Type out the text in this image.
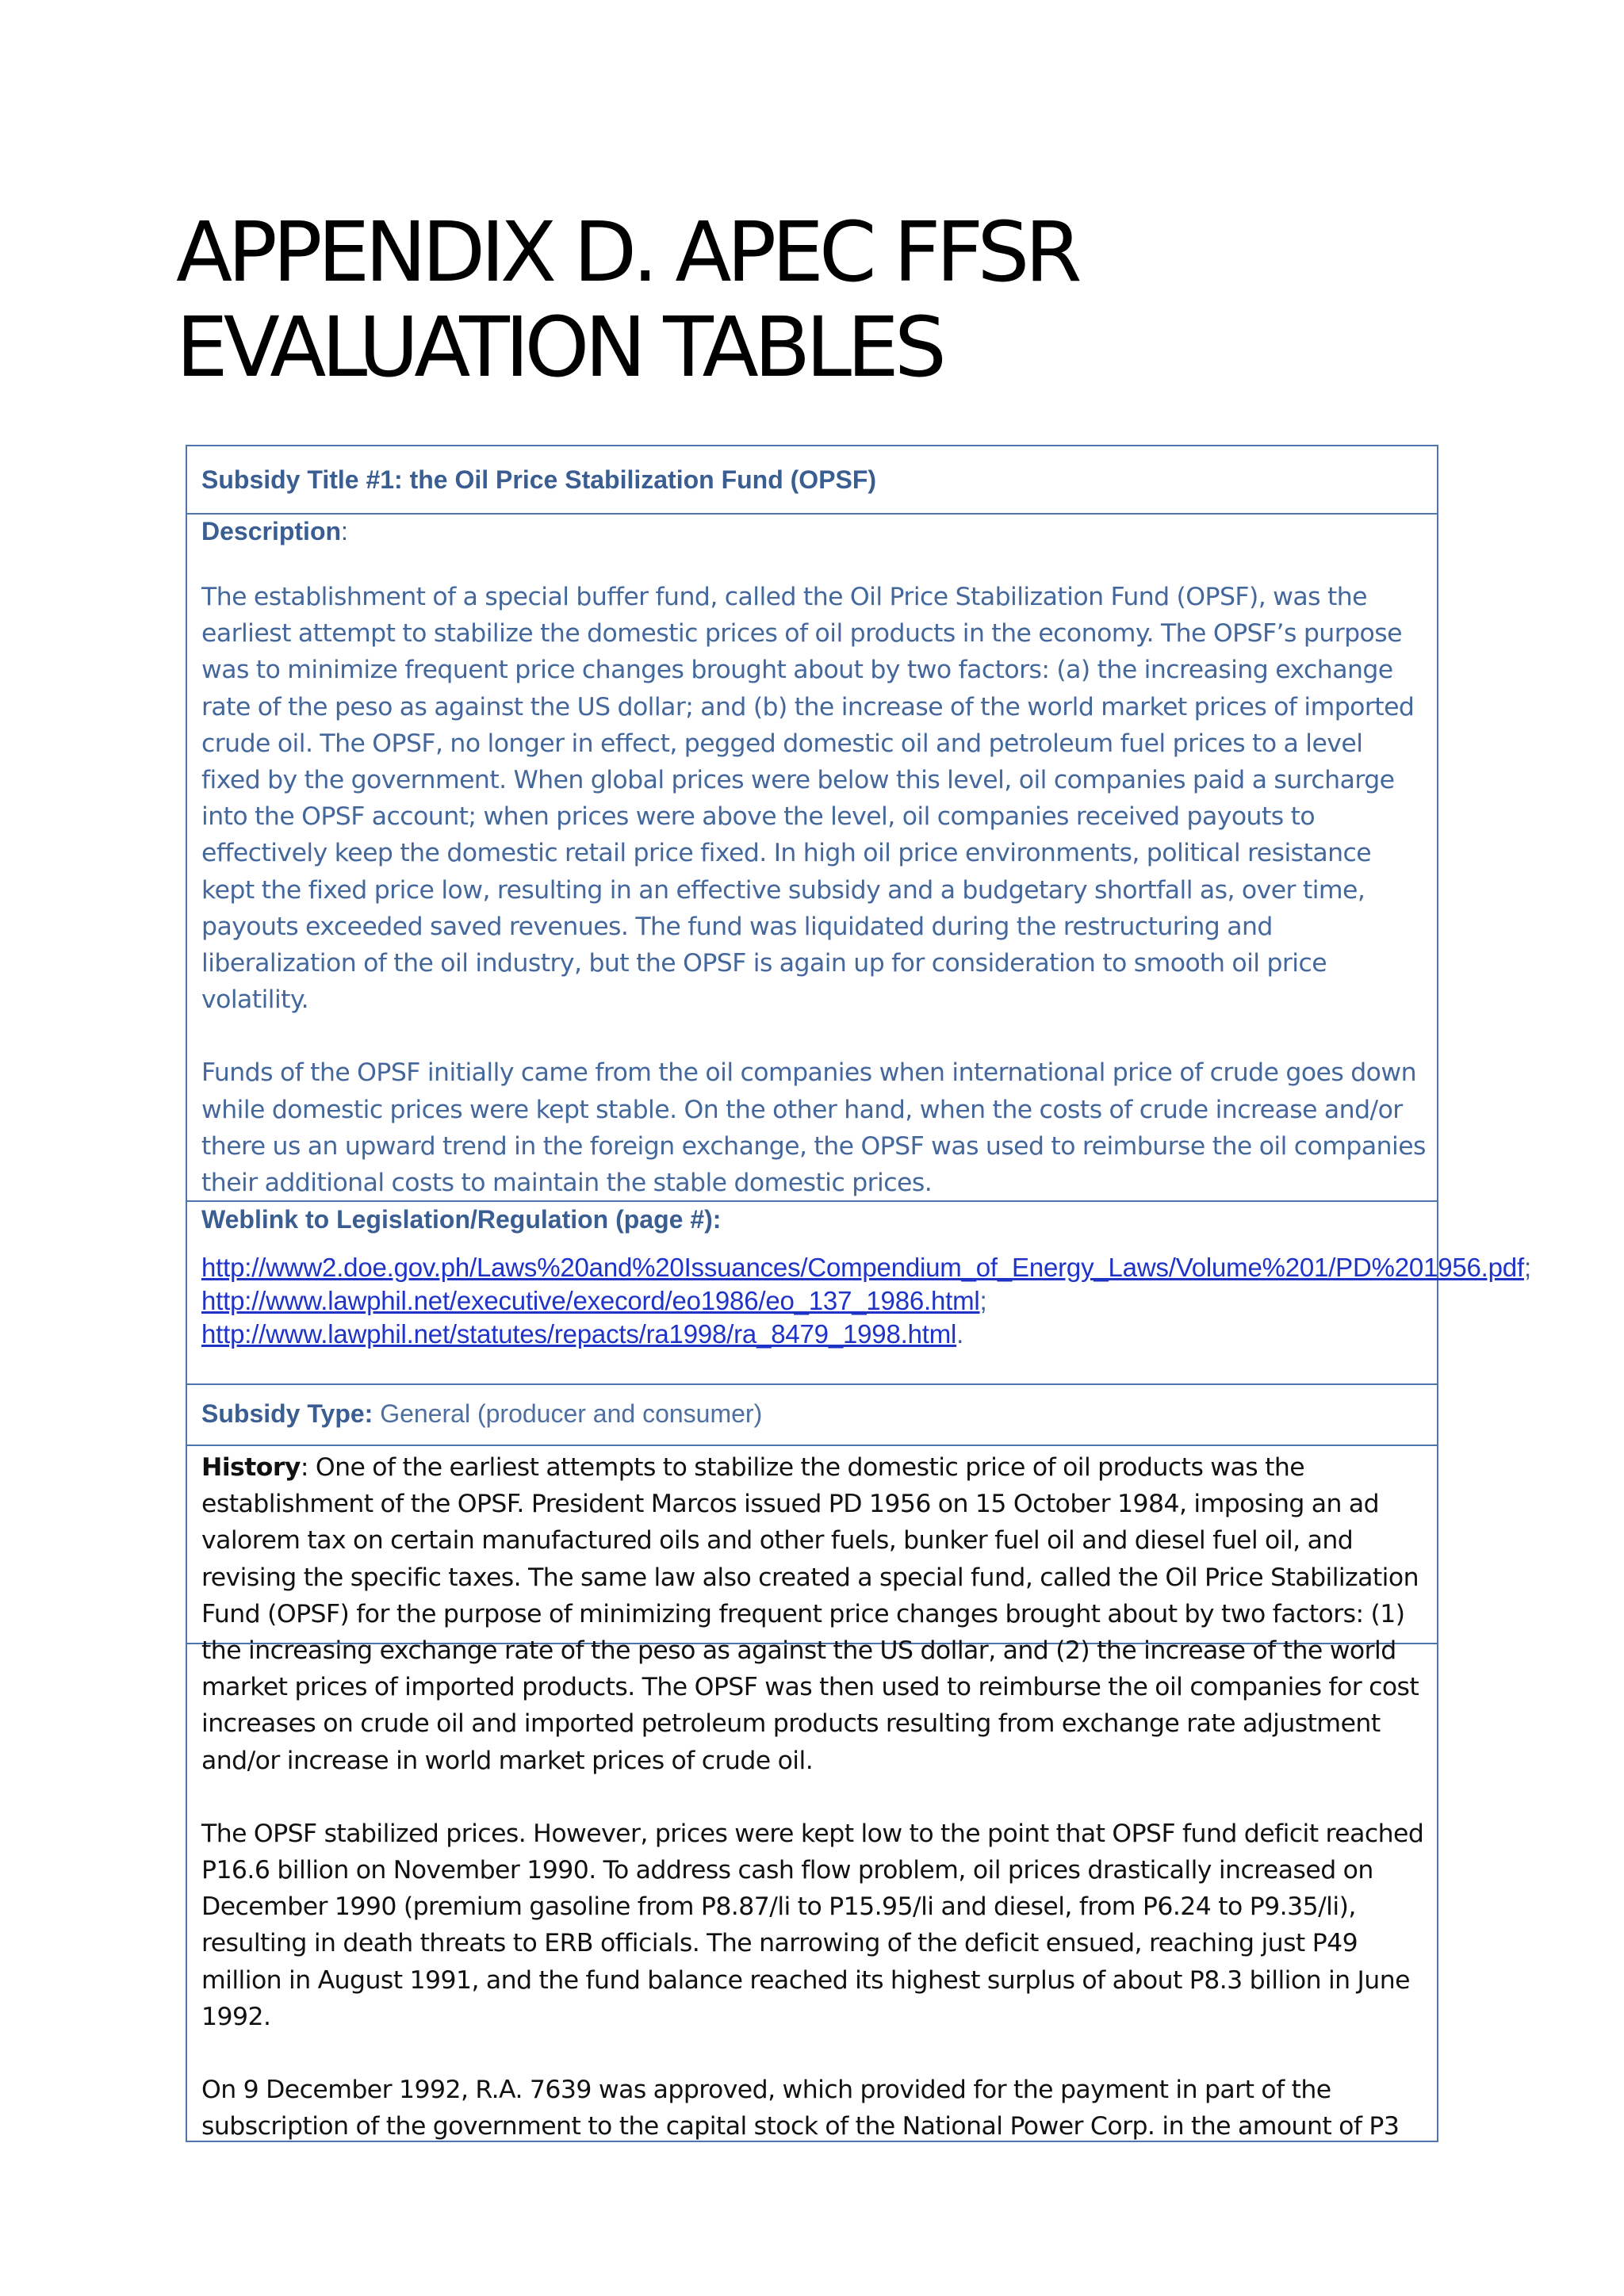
APPENDIX D. APEC FFSR
EVALUATION TABLES
Subsidy Title #1: the Oil Price Stabilization Fund (OPSF)
Description:

The establishment of a special buffer fund, called the Oil Price Stabilization Fund (OPSF), was the earliest attempt to stabilize the domestic prices of oil products in the economy. The OPSF’s purpose was to minimize frequent price changes brought about by two factors: (a) the increasing exchange rate of the peso as against the US dollar; and (b) the increase of the world market prices of imported crude oil. The OPSF, no longer in effect, pegged domestic oil and petroleum fuel prices to a level fixed by the government. When global prices were below this level, oil companies paid a surcharge into the OPSF account; when prices were above the level, oil companies received payouts to effectively keep the domestic retail price fixed. In high oil price environments, political resistance kept the fixed price low, resulting in an effective subsidy and a budgetary shortfall as, over time, payouts exceeded saved revenues. The fund was liquidated during the restructuring and liberalization of the oil industry, but the OPSF is again up for consideration to smooth oil price volatility.

Funds of the OPSF initially came from the oil companies when international price of crude goes down while domestic prices were kept stable. On the other hand, when the costs of crude increase and/or there us an upward trend in the foreign exchange, the OPSF was used to reimburse the oil companies their additional costs to maintain the stable domestic prices.

Weblink to Legislation/Regulation (page #):

http://www2.doe.gov.ph/Laws%20and%20Issuances/Compendium_of_Energy_Laws/Volume%201/PD%201956.pdf; http://www.lawphil.net/executive/execord/eo1986/eo_137_1986.html; http://www.lawphil.net/statutes/repacts/ra1998/ra_8479_1998.html.

Subsidy Type: General (producer and consumer)

History: One of the earliest attempts to stabilize the domestic price of oil products was the establishment of the OPSF. President Marcos issued PD 1956 on 15 October 1984, imposing an ad valorem tax on certain manufactured oils and other fuels, bunker fuel oil and diesel fuel oil, and revising the specific taxes. The same law also created a special fund, called the Oil Price Stabilization Fund (OPSF) for the purpose of minimizing frequent price changes brought about by two factors: (1) the increasing exchange rate of the peso as against the US dollar, and (2) the increase of the world market prices of imported products. The OPSF was then used to reimburse the oil companies for cost increases on crude oil and imported petroleum products resulting from exchange rate adjustment and/or increase in world market prices of crude oil.

The OPSF stabilized prices. However, prices were kept low to the point that OPSF fund deficit reached P16.6 billion on November 1990. To address cash flow problem, oil prices drastically increased on December 1990 (premium gasoline from P8.87/li to P15.95/li and diesel, from P6.24 to P9.35/li), resulting in death threats to ERB officials. The narrowing of the deficit ensued, reaching just P49 million in August 1991, and the fund balance reached its highest surplus of about P8.3 billion in June 1992.

On 9 December 1992, R.A. 7639 was approved, which provided for the payment in part of the subscription of the government to the capital stock of the National Power Corp. in the amount of P3
